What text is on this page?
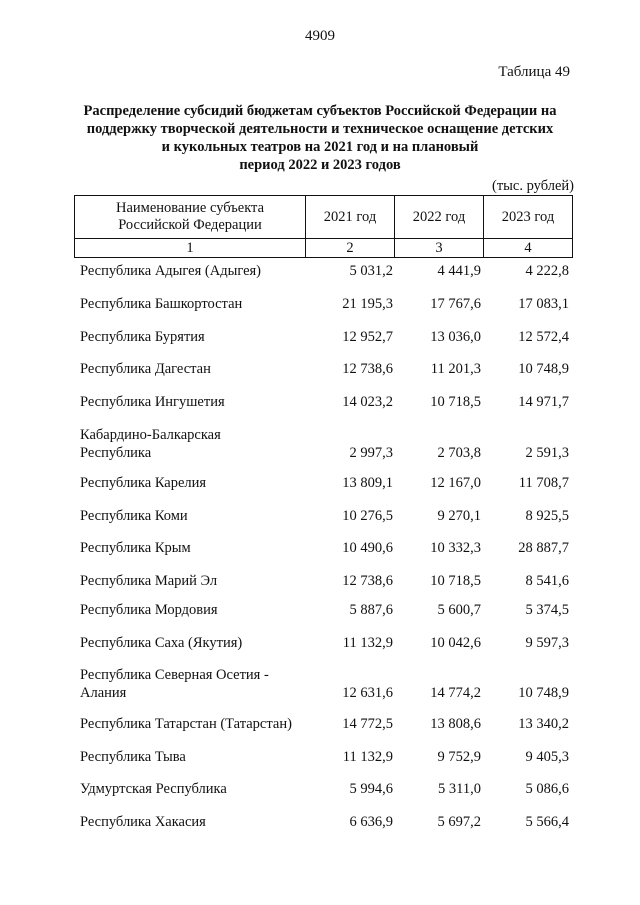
4909
Таблица 49
Распределение субсидий бюджетам субъектов Российской Федерации на
поддержку творческой деятельности и техническое оснащение детских
и кукольных театров на 2021 год и на плановый
период 2022 и 2023 годов
(тыс. рублей)
Наименование субъекта
Российской Федерации	2021 год	2022 год	2023 год
1	2	3	4
Республика Адыгея (Адыгея)	5 031,2	4 441,9	4 222,8
Республика Башкортостан	21 195,3	17 767,6	17 083,1
Республика Бурятия	12 952,7	13 036,0	12 572,4
Республика Дагестан	12 738,6	11 201,3	10 748,9
Республика Ингушетия	14 023,2	10 718,5	14 971,7
Кабардино-Балкарская
Республика	2 997,3	2 703,8	2 591,3
Республика Карелия	13 809,1	12 167,0	11 708,7
Республика Коми	10 276,5	9 270,1	8 925,5
Республика Крым	10 490,6	10 332,3	28 887,7
Республика Марий Эл	12 738,6	10 718,5	8 541,6
Республика Мордовия	5 887,6	5 600,7	5 374,5
Республика Саха (Якутия)	11 132,9	10 042,6	9 597,3
Республика Северная Осетия -
Алания	12 631,6	14 774,2	10 748,9
Республика Татарстан (Татарстан)	14 772,5	13 808,6	13 340,2
Республика Тыва	11 132,9	9 752,9	9 405,3
Удмуртская Республика	5 994,6	5 311,0	5 086,6
Республика Хакасия	6 636,9	5 697,2	5 566,4
